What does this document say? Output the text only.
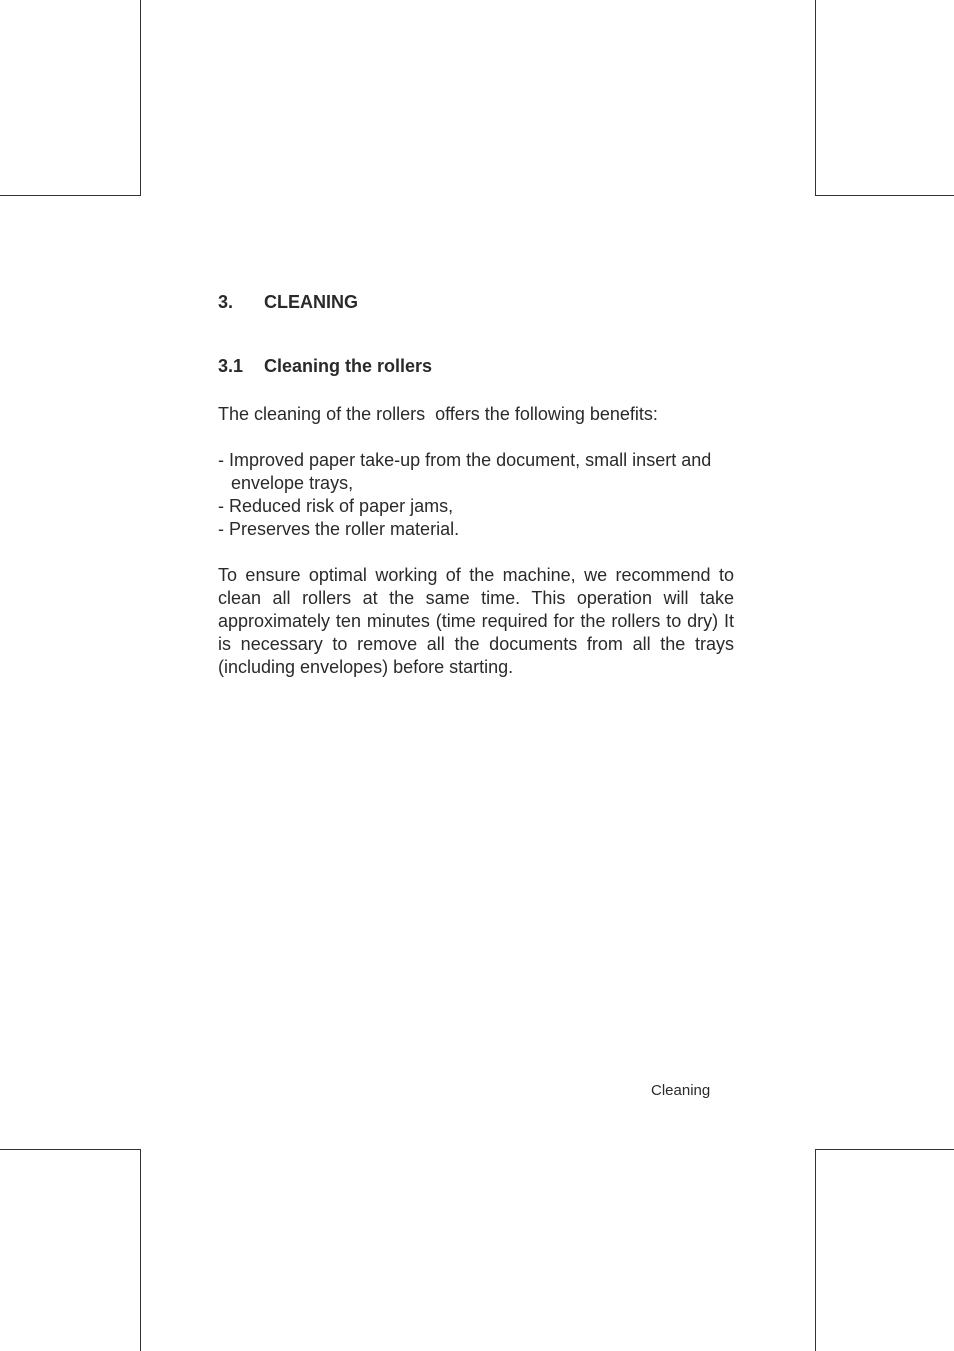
3.	CLEANING
3.1	Cleaning the rollers

The cleaning of the rollers  offers the following benefits:

- Improved paper take-up from the document, small insert and envelope trays,
- Reduced risk of paper jams,
- Preserves the roller material.

To ensure optimal working of the machine, we recommend to clean all rollers at the same time. This operation will take approximately ten minutes (time required for the rollers to dry) It is necessary to remove all the documents from all the trays (including envelopes) before starting.

Cleaning
